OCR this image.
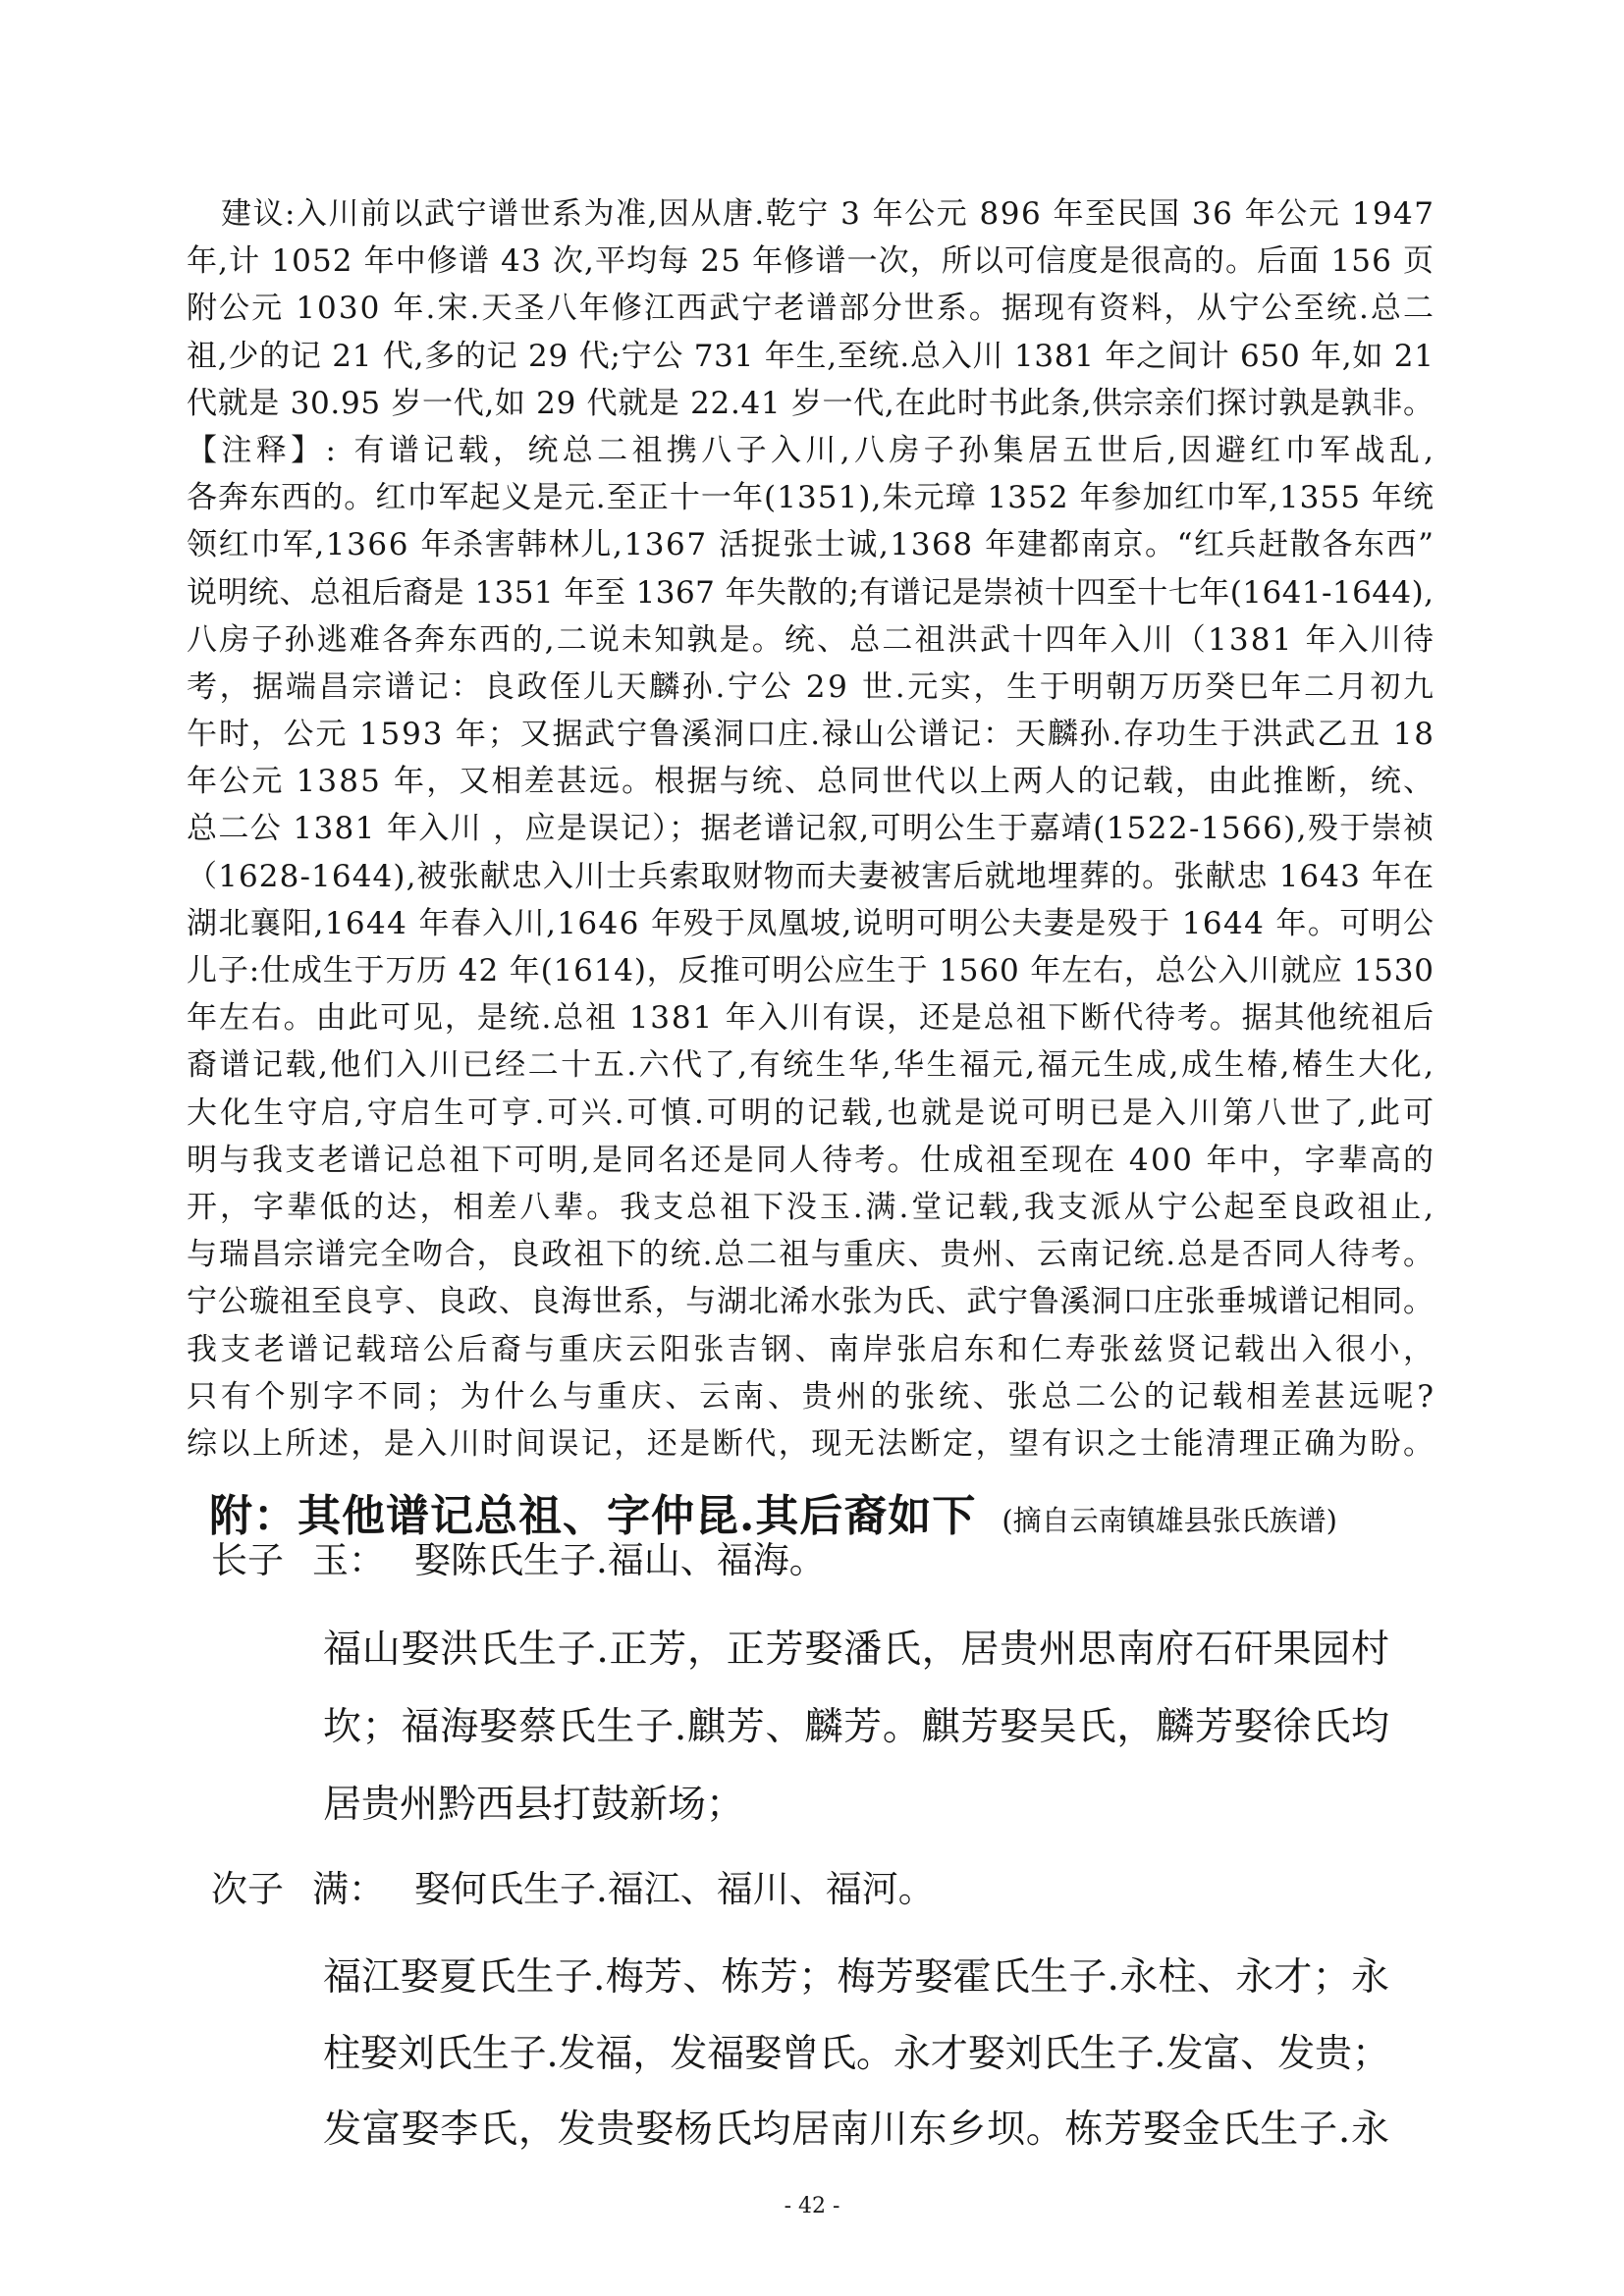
建议:入川前以武宁谱世系为准,因从唐.乾宁 3 年公元 896 年至民国 36 年公元 1947
年,计 1052 年中修谱 43 次,平均每 25 年修谱一次，所以可信度是很高的。后面 156 页
附公元 1030 年.宋.天圣八年修江西武宁老谱部分世系。据现有资料，从宁公至统.总二
祖,少的记 21 代,多的记 29 代;宁公 731 年生,至统.总入川 1381 年之间计 650 年,如 21
代就是 30.95 岁一代,如 29 代就是 22.41 岁一代,在此时书此条,供宗亲们探讨孰是孰非。
【注释】: 有谱记载，统总二祖携八子入川,八房子孙集居五世后,因避红巾军战乱,
各奔东西的。红巾军起义是元.至正十一年(1351),朱元璋 1352 年参加红巾军,1355 年统
领红巾军,1366 年杀害韩林儿,1367 活捉张士诚,1368 年建都南京。“红兵赶散各东西”
说明统、总祖后裔是 1351 年至 1367 年失散的;有谱记是崇祯十四至十七年(1641-1644),
八房子孙逃难各奔东西的,二说未知孰是。统、总二祖洪武十四年入川（1381 年入川待
考，据端昌宗谱记：良政侄儿天麟孙.宁公 29 世.元实，生于明朝万历癸巳年二月初九
午时，公元 1593 年；又据武宁鲁溪洞口庄.禄山公谱记：天麟孙.存功生于洪武乙丑 18
年公元 1385 年，又相差甚远。根据与统、总同世代以上两人的记载，由此推断，统、
总二公 1381 年入川 ，应是误记）；据老谱记叙,可明公生于嘉靖(1522-1566),殁于崇祯
（1628-1644),被张献忠入川士兵索取财物而夫妻被害后就地埋葬的。张献忠 1643 年在
湖北襄阳,1644 年春入川,1646 年殁于凤凰坡,说明可明公夫妻是殁于 1644 年。可明公
儿子:仕成生于万历 42 年(1614)，反推可明公应生于 1560 年左右，总公入川就应 1530
年左右。由此可见，是统.总祖 1381 年入川有误，还是总祖下断代待考。据其他统祖后
裔谱记载,他们入川已经二十五.六代了,有统生华,华生福元,福元生成,成生椿,椿生大化,
大化生守启,守启生可亨.可兴.可慎.可明的记载,也就是说可明已是入川第八世了,此可
明与我支老谱记总祖下可明,是同名还是同人待考。仕成祖至现在 400 年中，字辈高的
开，字辈低的达，相差八辈。我支总祖下没玉.满.堂记载,我支派从宁公起至良政祖止,
与瑞昌宗谱完全吻合，良政祖下的统.总二祖与重庆、贵州、云南记统.总是否同人待考。
宁公璇祖至良亨、良政、良海世系，与湖北浠水张为氏、武宁鲁溪洞口庄张垂城谱记相同。
我支老谱记载琣公后裔与重庆云阳张吉钢、南岸张启东和仁寿张兹贤记载出入很小，
只有个别字不同；为什么与重庆、云南、贵州的张统、张总二公的记载相差甚远呢?
综以上所述，是入川时间误记，还是断代，现无法断定，望有识之士能清理正确为盼。
附：其他谱记总祖、字仲昆.其后裔如下 (摘自云南镇雄县张氏族谱)
长子 玉： 娶陈氏生子.福山、福海。
福山娶洪氏生子.正芳，正芳娶潘氏，居贵州思南府石矸果园村
坎；福海娶蔡氏生子.麒芳、麟芳。麒芳娶吴氏，麟芳娶徐氏均
居贵州黔西县打鼓新场；
次子 满： 娶何氏生子.福江、福川、福河。
福江娶夏氏生子.梅芳、栋芳；梅芳娶霍氏生子.永柱、永才；永
柱娶刘氏生子.发福，发福娶曾氏。永才娶刘氏生子.发富、发贵；
发富娶李氏，发贵娶杨氏均居南川东乡坝。栋芳娶金氏生子.永
- 42 -
